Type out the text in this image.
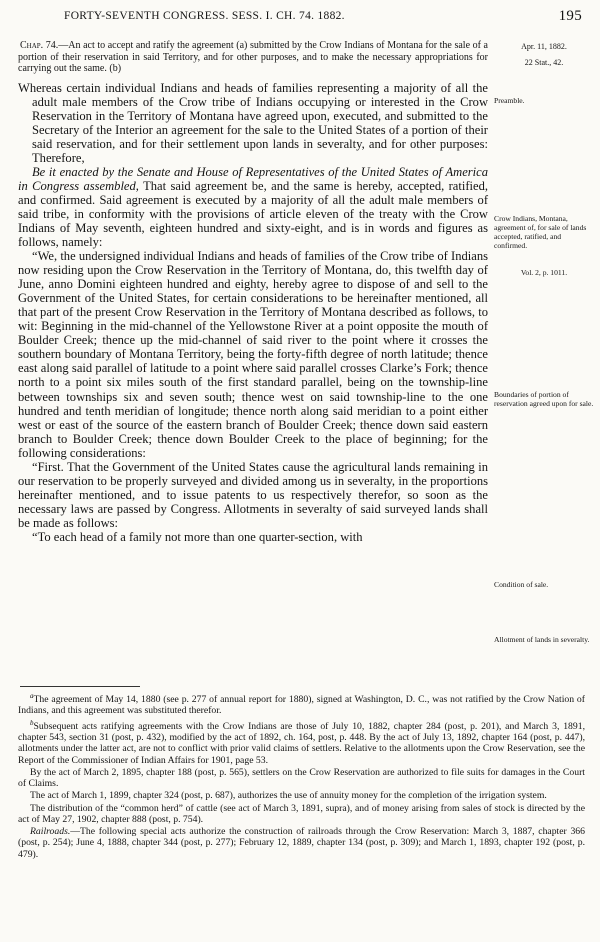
FORTY-SEVENTH CONGRESS. SESS. I. CH. 74. 1882.	195
Chap. 74.—An act to accept and ratify the agreement (a) submitted by the Crow Indians of Montana for the sale of a portion of their reservation in said Territory, and for other purposes, and to make the necessary appropriations for carrying out the same. (b)

Whereas certain individual Indians and heads of families representing a majority of all the adult male members of the Crow tribe of Indians occupying or interested in the Crow Reservation in the Territory of Montana have agreed upon, executed, and submitted to the Secretary of the Interior an agreement for the sale to the United States of a portion of their said reservation, and for their settlement upon lands in severalty, and for other purposes: Therefore,

Be it enacted by the Senate and House of Representatives of the United States of America in Congress assembled, That said agreement be, and the same is hereby, accepted, ratified, and confirmed. Said agreement is executed by a majority of all the adult male members of said tribe, in conformity with the provisions of article eleven of the treaty with the Crow Indians of May seventh, eighteen hundred and sixty-eight, and is in words and figures as follows, namely:

“We, the undersigned individual Indians and heads of families of the Crow tribe of Indians now residing upon the Crow Reservation in the Territory of Montana, do, this twelfth day of June, anno Domini eighteen hundred and eighty, hereby agree to dispose of and sell to the Government of the United States, for certain considerations to be hereinafter mentioned, all that part of the present Crow Reservation in the Territory of Montana described as follows, to wit: Beginning in the mid-channel of the Yellowstone River at a point opposite the mouth of Boulder Creek; thence up the mid-channel of said river to the point where it crosses the southern boundary of Montana Territory, being the forty-fifth degree of north latitude; thence east along said parallel of latitude to a point where said parallel crosses Clarke’s Fork; thence north to a point six miles south of the first standard parallel, being on the township-line between townships six and seven south; thence west on said township-line to the one hundred and tenth meridian of longitude; thence north along said meridian to a point either west or east of the source of the eastern branch of Boulder Creek; thence down said eastern branch to Boulder Creek; thence down Boulder Creek to the place of beginning; for the following considerations:

“First. That the Government of the United States cause the agricultural lands remaining in our reservation to be properly surveyed and divided among us in severalty, in the proportions hereinafter mentioned, and to issue patents to us respectively therefor, so soon as the necessary laws are passed by Congress. Allotments in severalty of said surveyed lands shall be made as follows:

“To each head of a family not more than one quarter-section, with

Apr. 11, 1882.
22 Stat., 42.
Preamble.
Crow Indians, Montana, agreement of, for sale of lands accepted, ratified, and confirmed.
Vol. 2, p. 1011.
Boundaries of portion of reservation agreed upon for sale.
Condition of sale.
Allotment of lands in severalty.

$^a$The agreement of May 14, 1880 (see p. 277 of annual report for 1880), signed at Washington, D. C., was not ratified by the Crow Nation of Indians, and this agreement was substituted therefor.

$^b$Subsequent acts ratifying agreements with the Crow Indians are those of July 10, 1882, chapter 284 (post, p. 201), and March 3, 1891, chapter 543, section 31 (post, p. 432), modified by the act of 1892, ch. 164, post, p. 448. By the act of July 13, 1892, chapter 164 (post, p. 447), allotments under the latter act, are not to conflict with prior valid claims of settlers. Relative to the allotments upon the Crow Reservation, see the Report of the Commissioner of Indian Affairs for 1901, page 53.

By the act of March 2, 1895, chapter 188 (post, p. 565), settlers on the Crow Reservation are authorized to file suits for damages in the Court of Claims.

The act of March 1, 1899, chapter 324 (post, p. 687), authorizes the use of annuity money for the completion of the irrigation system.

The distribution of the “common herd” of cattle (see act of March 3, 1891, supra), and of money arising from sales of stock is directed by the act of May 27, 1902, chapter 888 (post, p. 754).

Railroads.—The following special acts authorize the construction of railroads through the Crow Reservation: March 3, 1887, chapter 366 (post, p. 254); June 4, 1888, chapter 344 (post, p. 277); February 12, 1889, chapter 134 (post, p. 309); and March 1, 1893, chapter 192 (post, p. 479).
